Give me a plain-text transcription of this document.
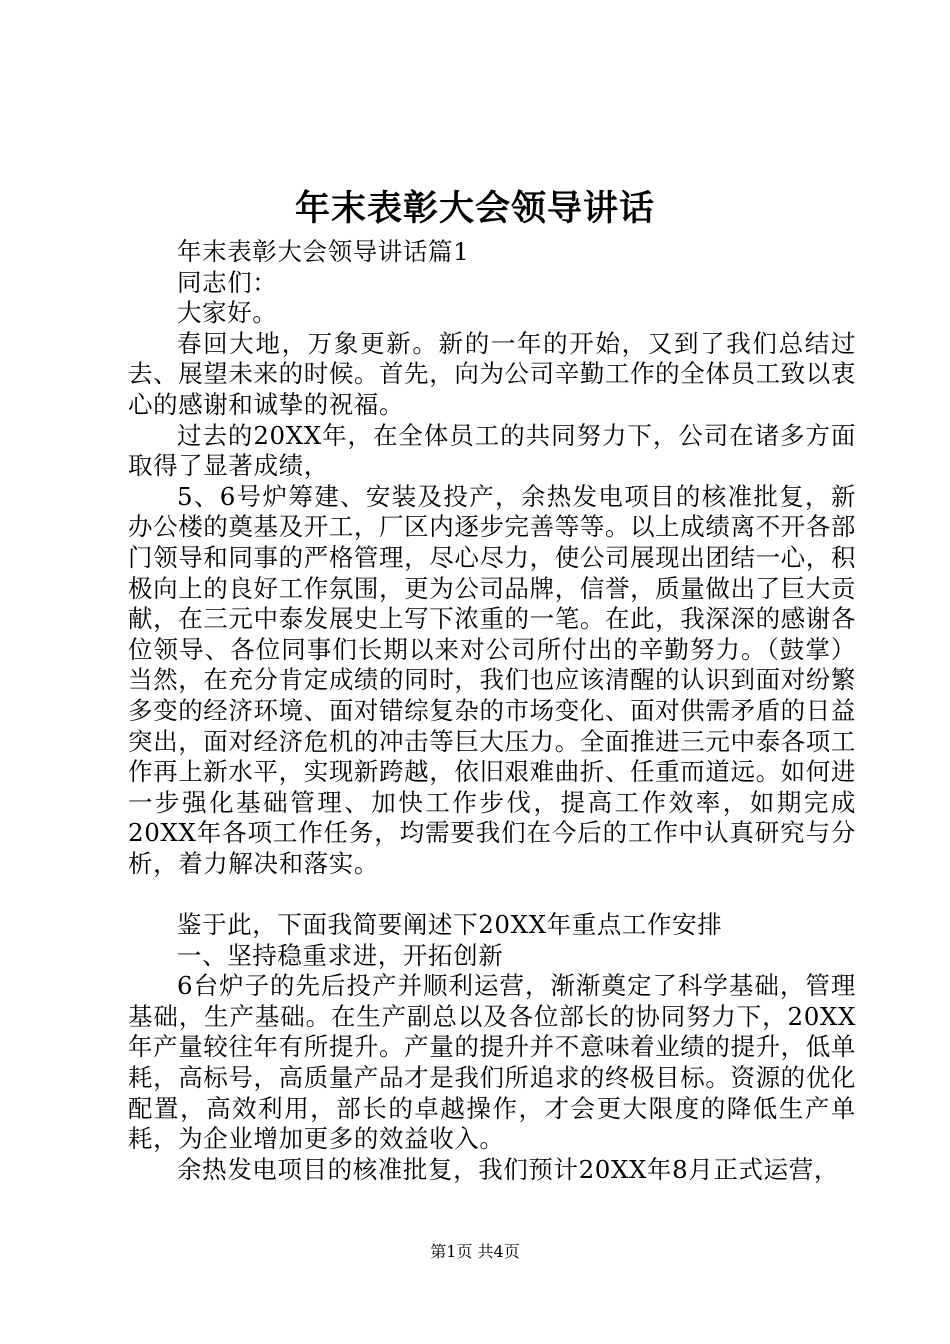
年末表彰大会领导讲话

年末表彰大会领导讲话篇1

同志们：

大家好。

春回大地，万象更新。新的一年的开始，又到了我们总结过去、展望未来的时候。首先，向为公司辛勤工作的全体员工致以衷心的感谢和诚挚的祝福。

过去的20XX年，在全体员工的共同努力下，公司在诸多方面取得了显著成绩，

5、6号炉筹建、安装及投产，余热发电项目的核准批复，新办公楼的奠基及开工，厂区内逐步完善等等。以上成绩离不开各部门领导和同事的严格管理，尽心尽力，使公司展现出团结一心，积极向上的良好工作氛围，更为公司品牌，信誉，质量做出了巨大贡献，在三元中泰发展史上写下浓重的一笔。在此，我深深的感谢各位领导、各位同事们长期以来对公司所付出的辛勤努力。（鼓掌）当然，在充分肯定成绩的同时，我们也应该清醒的认识到面对纷繁多变的经济环境、面对错综复杂的市场变化、面对供需矛盾的日益突出，面对经济危机的冲击等巨大压力。全面推进三元中泰各项工作再上新水平，实现新跨越，依旧艰难曲折、任重而道远。如何进一步强化基础管理、加快工作步伐，提高工作效率，如期完成20XX年各项工作任务，均需要我们在今后的工作中认真研究与分析，着力解决和落实。

鉴于此，下面我简要阐述下20XX年重点工作安排

一、坚持稳重求进，开拓创新

6台炉子的先后投产并顺利运营，渐渐奠定了科学基础，管理基础，生产基础。在生产副总以及各位部长的协同努力下，20XX年产量较往年有所提升。产量的提升并不意味着业绩的提升，低单耗，高标号，高质量产品才是我们所追求的终极目标。资源的优化配置，高效利用，部长的卓越操作，才会更大限度的降低生产单耗，为企业增加更多的效益收入。

余热发电项目的核准批复，我们预计20XX年8月正式运营，

第1页 共4页
